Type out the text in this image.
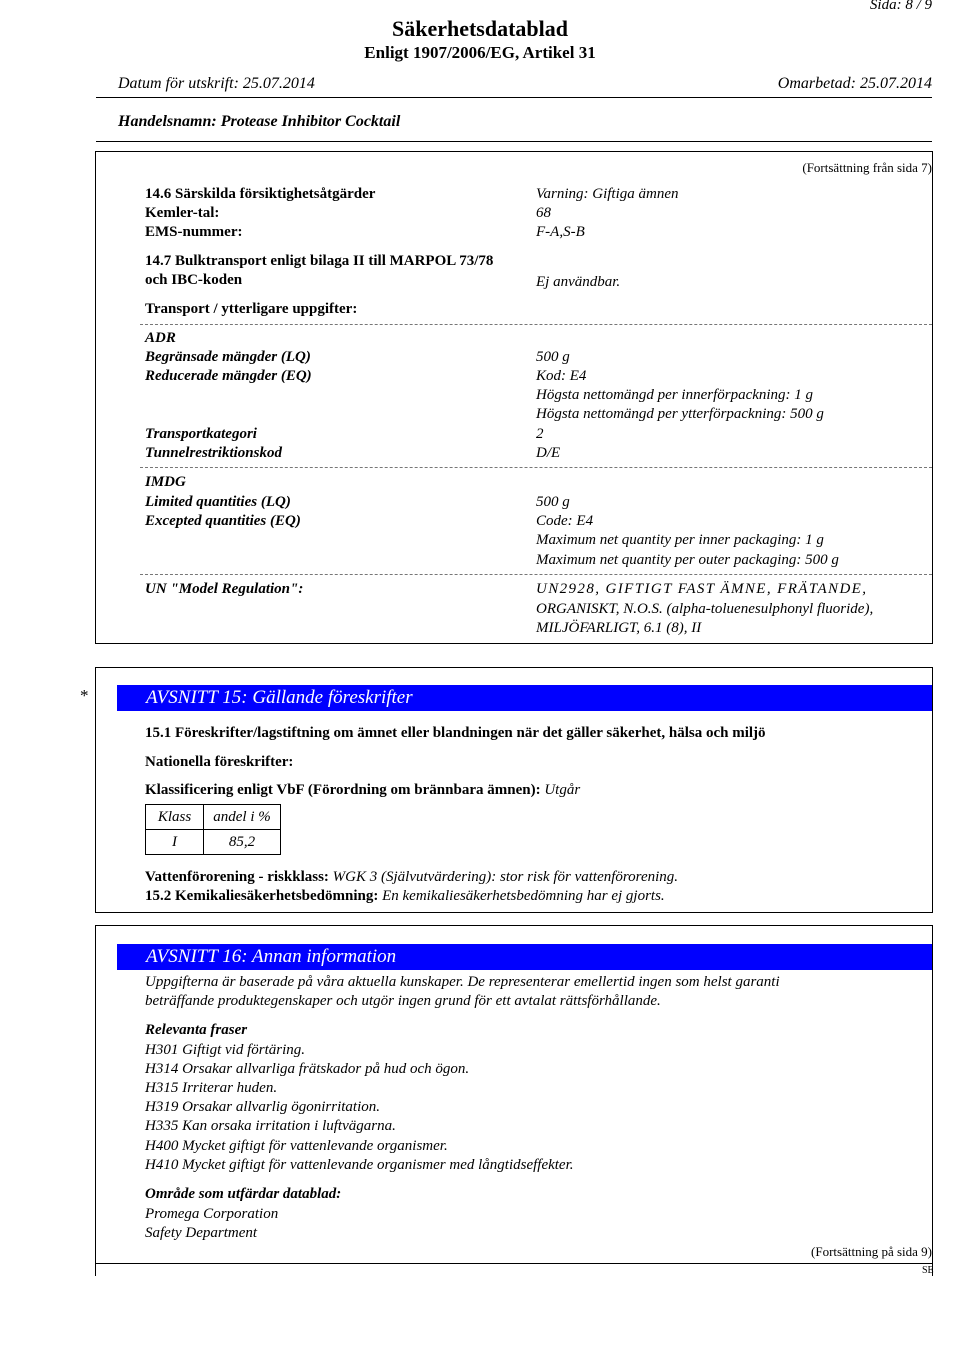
Sida: 8 / 9
Säkerhetsdatablad
Enligt 1907/2006/EG, Artikel 31
Datum för utskrift: 25.07.2014	Omarbetad: 25.07.2014
Handelsnamn: Protease Inhibitor Cocktail
(Fortsättning från sida 7)
14.6 Särskilda försiktighetsåtgärder	Varning: Giftiga ämnen
Kemler-tal:	68
EMS-nummer:	F-A,S-B
14.7 Bulktransport enligt bilaga II till MARPOL 73/78
och IBC-koden	Ej användbar.
Transport / ytterligare uppgifter:
ADR
Begränsade mängder (LQ)	500 g
Reducerade mängder (EQ)	Kod: E4
Högsta nettomängd per innerförpackning: 1 g
Högsta nettomängd per ytterförpackning: 500 g
Transportkategori	2
Tunnelrestriktionskod	D/E
IMDG
Limited quantities (LQ)	500 g
Excepted quantities (EQ)	Code: E4
Maximum net quantity per inner packaging: 1 g
Maximum net quantity per outer packaging: 500 g
UN "Model Regulation":	UN2928, GIFTIGT FAST ÄMNE, FRÄTANDE,
ORGANISKT, N.O.S. (alpha-toluenesulphonyl fluoride),
MILJÖFARLIGT, 6.1 (8), II
*	AVSNITT 15: Gällande föreskrifter
15.1 Föreskrifter/lagstiftning om ämnet eller blandningen när det gäller säkerhet, hälsa och miljö
Nationella föreskrifter:
Klassificering enligt VbF (Förordning om brännbara ämnen): Utgår
Klass	andel i %
I	85,2
Vattenförorening - riskklass: WGK 3 (Självutvärdering): stor risk för vattenförorening.
15.2 Kemikaliesäkerhetsbedömning: En kemikaliesäkerhetsbedömning har ej gjorts.
AVSNITT 16: Annan information
Uppgifterna är baserade på våra aktuella kunskaper. De representerar emellertid ingen som helst garanti
beträffande produktegenskaper och utgör ingen grund för ett avtalat rättsförhållande.
Relevanta fraser
H301 Giftigt vid förtäring.
H314 Orsakar allvarliga frätskador på hud och ögon.
H315 Irriterar huden.
H319 Orsakar allvarlig ögonirritation.
H335 Kan orsaka irritation i luftvägarna.
H400 Mycket giftigt för vattenlevande organismer.
H410 Mycket giftigt för vattenlevande organismer med långtidseffekter.
Område som utfärdar datablad:
Promega Corporation
Safety Department
(Fortsättning på sida 9)
SE
